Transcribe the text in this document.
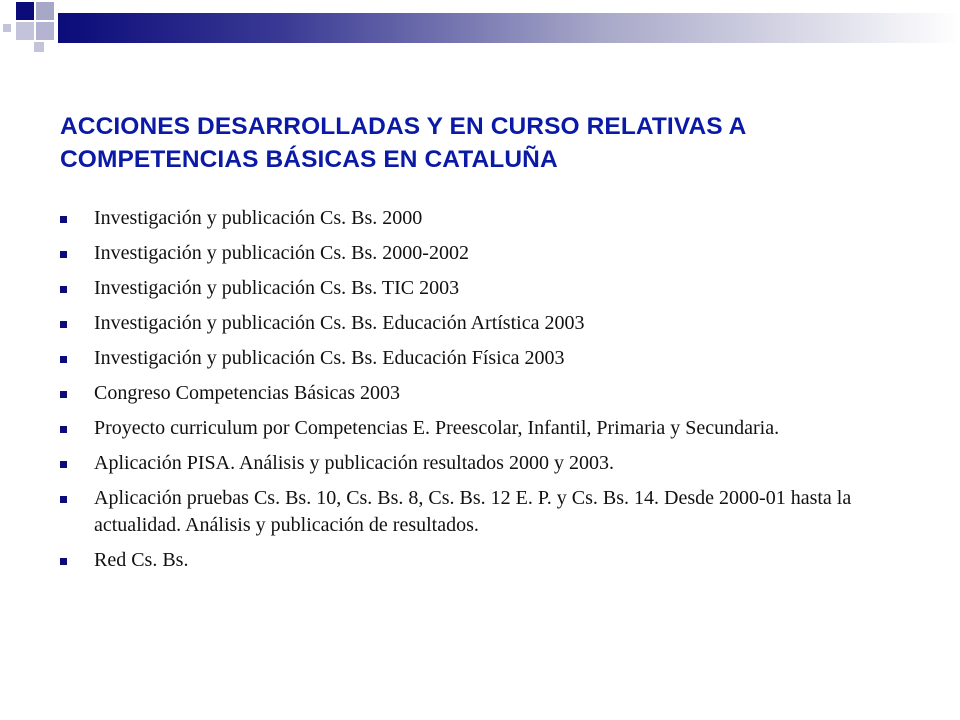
ACCIONES DESARROLLADAS Y EN CURSO RELATIVAS A COMPETENCIAS BÁSICAS EN CATALUÑA
Investigación y publicación Cs. Bs. 2000
Investigación y publicación Cs. Bs. 2000-2002
Investigación y publicación Cs. Bs. TIC 2003
Investigación y publicación Cs. Bs. Educación Artística 2003
Investigación y publicación Cs. Bs. Educación Física 2003
Congreso Competencias Básicas 2003
Proyecto curriculum por Competencias E. Preescolar, Infantil, Primaria y Secundaria.
Aplicación PISA. Análisis y publicación resultados 2000 y 2003.
Aplicación pruebas Cs. Bs. 10, Cs. Bs. 8, Cs. Bs. 12 E. P. y Cs. Bs. 14. Desde 2000-01 hasta la actualidad. Análisis y publicación de resultados.
Red Cs. Bs.
